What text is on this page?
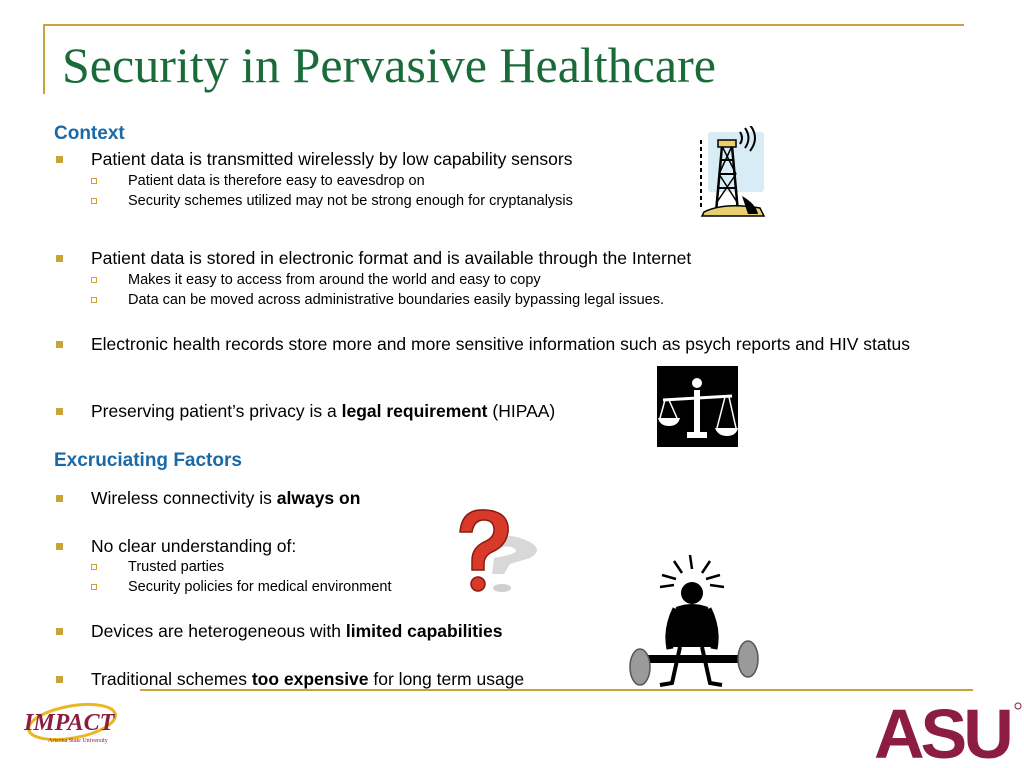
Security in Pervasive Healthcare
Context
Patient data is transmitted wirelessly by low capability sensors
Patient data is therefore easy to eavesdrop on
Security schemes utilized may not be strong enough for cryptanalysis
Patient data is stored in electronic format and is available through the Internet
Makes it easy to access from around the world and easy to copy
Data can be moved across administrative boundaries easily bypassing legal issues.
Electronic health records store more and more sensitive information such as psych reports and HIV status
Preserving patient’s privacy is a legal requirement (HIPAA)
Excruciating Factors
Wireless connectivity is always on
No clear understanding of:
Trusted parties
Security policies for medical environment
Devices are heterogeneous with limited capabilities
Traditional schemes too expensive for long term usage
IMPACT
Arizona State University	ASU
